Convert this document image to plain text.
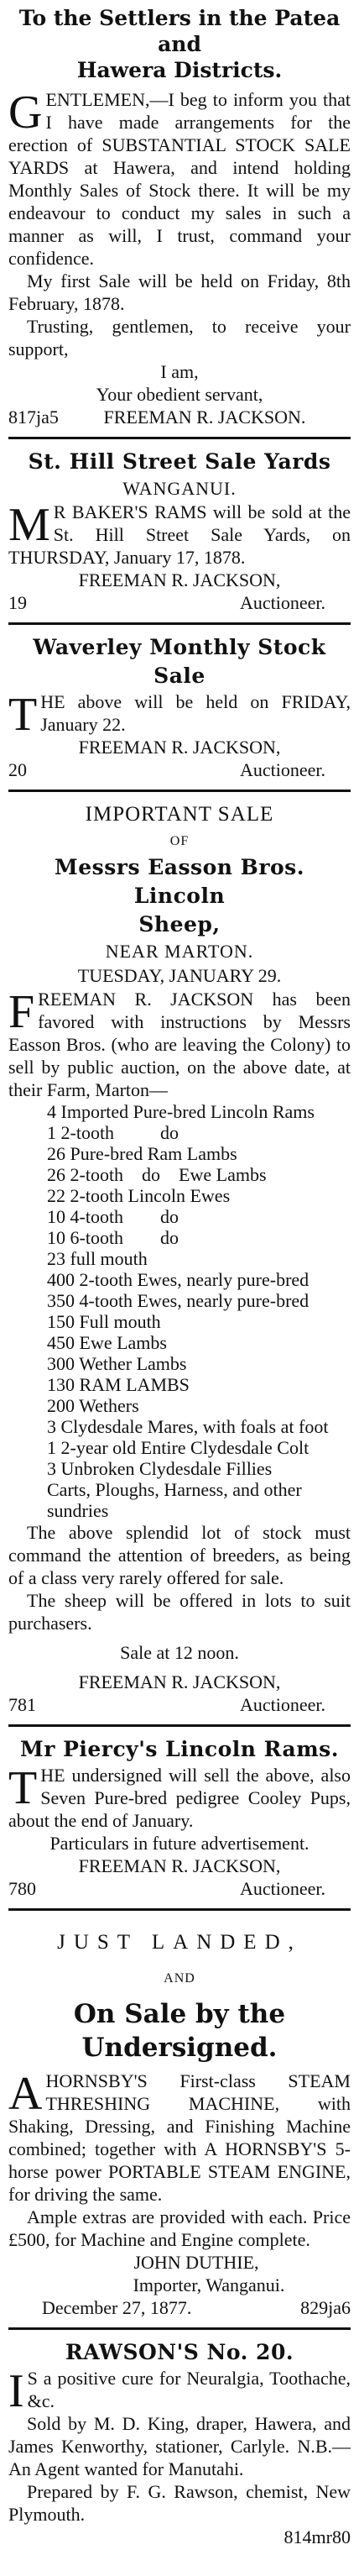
To the Settlers in the Patea and

Hawera Districts.

GENTLEMEN,—I beg to inform you that I have made arrangements for the erection of SUBSTANTIAL STOCK SALE YARDS at Hawera, and intend holding Monthly Sales of Stock there. It will be my endeavour to conduct my sales in such a manner as will, I trust, command your confidence.

My first Sale will be held on Friday, 8th February, 1878.

Trusting, gentlemen, to receive your support,

I am,
Your obedient servant,
817ja5	FREEMAN R. JACKSON.

St. Hill Street Sale Yards

WANGANUI.

M R BAKER'S RAMS will be sold at the St. Hill Street Sale Yards, on THURSDAY, January 17, 1878.

FREEMAN R. JACKSON,
19	Auctioneer.

Waverley Monthly Stock Sale

THE above will be held on FRIDAY, January 22.

FREEMAN R. JACKSON,
20	Auctioneer.

IMPORTANT SALE

OF

Messrs Easson Bros. Lincoln

Sheep,

NEAR MARTON.
TUESDAY, JANUARY 29.

FREEMAN R. JACKSON has been favored with instructions by Messrs Easson Bros. (who are leaving the Colony) to sell by public auction, on the above date, at their Farm, Marton—

4 Imported Pure-bred Lincoln Rams
1 2-tooth          do
26 Pure-bred Ram Lambs
26 2-tooth    do    Ewe Lambs
22 2-tooth Lincoln Ewes
10 4-tooth        do
10 6-tooth        do
23 full mouth
400 2-tooth Ewes, nearly pure-bred
350 4-tooth Ewes, nearly pure-bred
150 Full mouth
450 Ewe Lambs
300 Wether Lambs
130 RAM LAMBS
200 Wethers
3 Clydesdale Mares, with foals at foot
1 2-year old Entire Clydesdale Colt
3 Unbroken Clydesdale Fillies
Carts, Ploughs, Harness, and other sundries

The above splendid lot of stock must command the attention of breeders, as being of a class very rarely offered for sale.

The sheep will be offered in lots to suit purchasers.

Sale at 12 noon.
FREEMAN R. JACKSON,
781	Auctioneer.

Mr Piercy's Lincoln Rams.

THE undersigned will sell the above, also Seven Pure-bred pedigree Cooley Pups, about the end of January.

Particulars in future advertisement.
FREEMAN R. JACKSON,
780	Auctioneer.

JUST LANDED,

AND

On Sale by the Undersigned.

AHORNSBY'S First-class STEAM THRESHING MACHINE, with Shaking, Dressing, and Finishing Machine combined; together with A HORNSBY'S 5-horse power PORTABLE STEAM ENGINE, for driving the same.

Ample extras are provided with each. Price £500, for Machine and Engine complete.

JOHN DUTHIE,
Importer, Wanganui.
December 27, 1877.	829ja6

RAWSON'S No. 20.

I S a positive cure for Neuralgia, Toothache, &c.

Sold by M. D. King, draper, Hawera, and James Kenworthy, stationer, Carlyle. N.B.—An Agent wanted for Manutahi.

Prepared by F. G. Rawson, chemist, New Plymouth.

814mr80
